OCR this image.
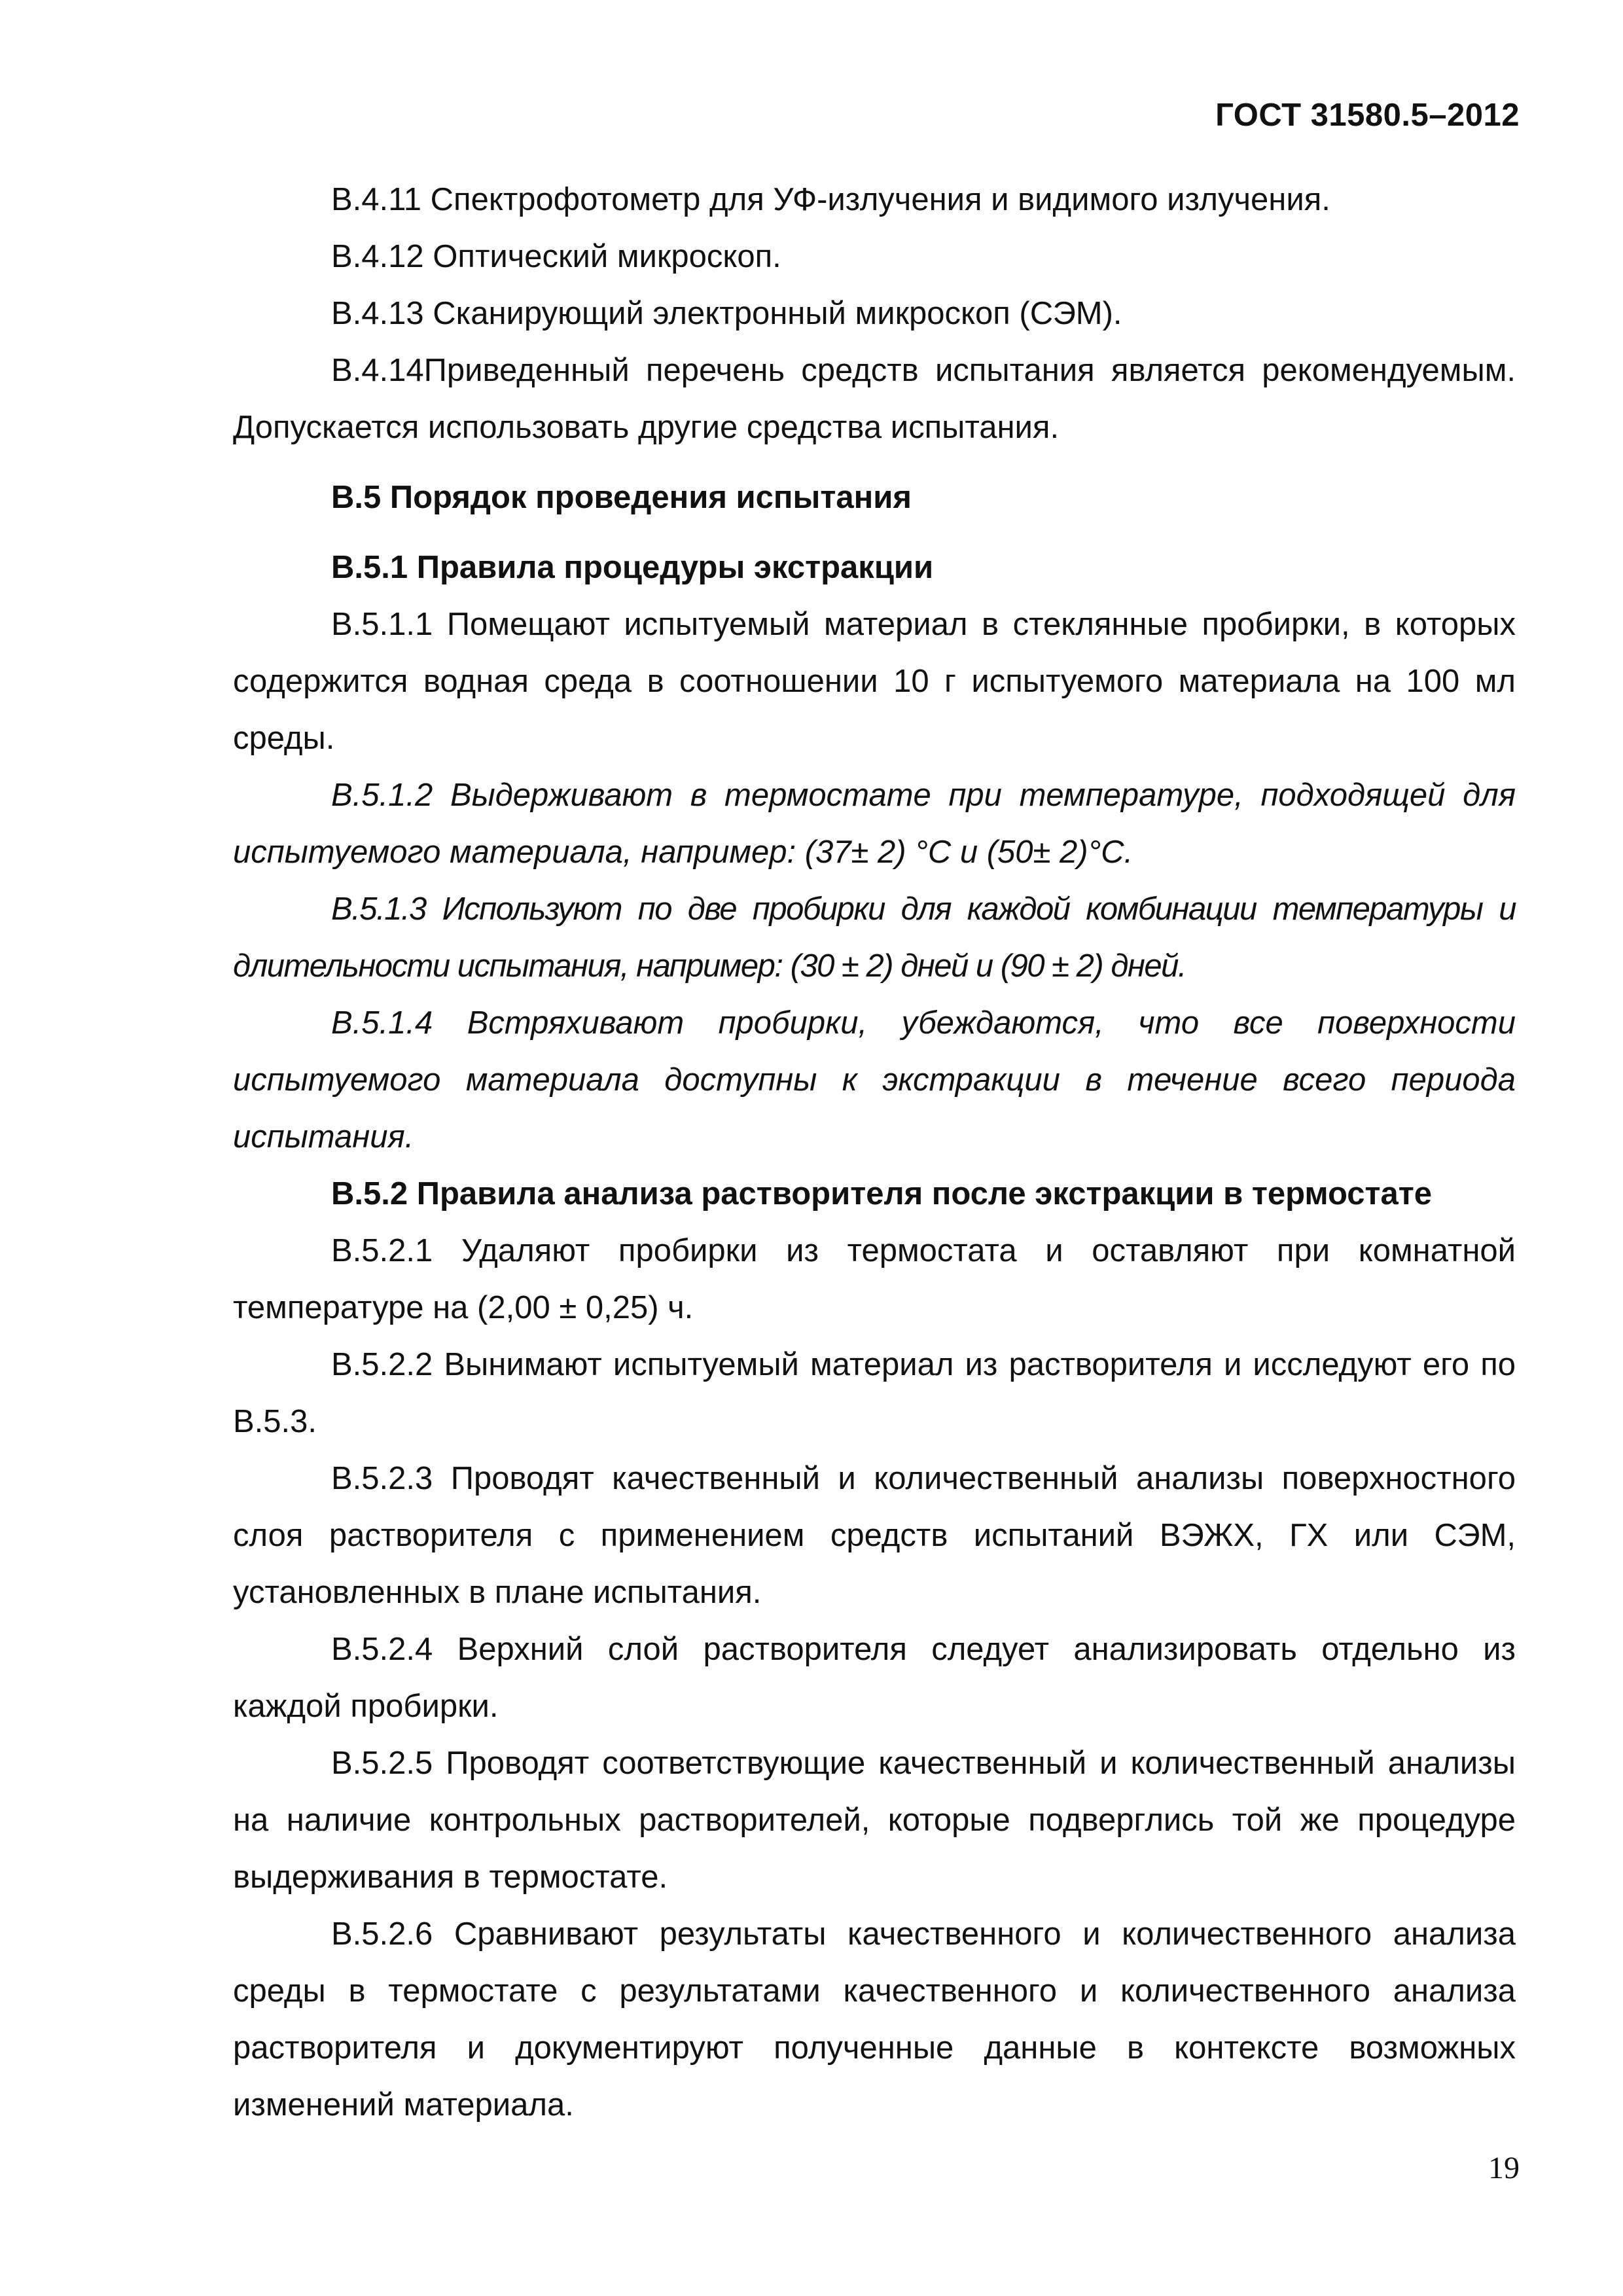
ГОСТ 31580.5–2012

В.4.11 Спектрофотометр для УФ-излучения и видимого излучения.

В.4.12 Оптический микроскоп.

В.4.13 Сканирующий электронный микроскоп (СЭМ).

В.4.14Приведенный перечень средств испытания является рекомендуемым. Допускается использовать другие средства испытания.

В.5 Порядок проведения испытания

В.5.1 Правила процедуры экстракции

В.5.1.1 Помещают испытуемый материал в стеклянные пробирки, в которых содержится водная среда в соотношении 10 г испытуемого материала на 100 мл среды.

В.5.1.2 Выдерживают в термостате при температуре, подходящей для испытуемого материала, например: (37± 2) °С и (50± 2)°С.

В.5.1.3 Используют по две пробирки для каждой комбинации температуры и длительности испытания, например: (30 ± 2) дней и (90 ± 2) дней.

В.5.1.4 Встряхивают пробирки, убеждаются, что все поверхности испытуемого материала доступны к экстракции в течение всего периода испытания.

В.5.2 Правила анализа растворителя после экстракции в термостате

В.5.2.1 Удаляют пробирки из термостата и оставляют при комнатной температуре на (2,00 ± 0,25) ч.

В.5.2.2 Вынимают испытуемый материал из растворителя и исследуют его по В.5.3.

В.5.2.3 Проводят качественный и количественный анализы поверхностного слоя растворителя с применением средств испытаний ВЭЖХ, ГХ или СЭМ, установленных в плане испытания.

В.5.2.4 Верхний слой растворителя следует анализировать отдельно из каждой пробирки.

В.5.2.5 Проводят соответствующие качественный и количественный анализы на наличие контрольных растворителей, которые подверглись той же процедуре выдерживания в термостате.

В.5.2.6 Сравнивают результаты качественного и количественного анализа среды в термостате с результатами качественного и количественного анализа растворителя и документируют полученные данные в контексте возможных изменений материала.

19
